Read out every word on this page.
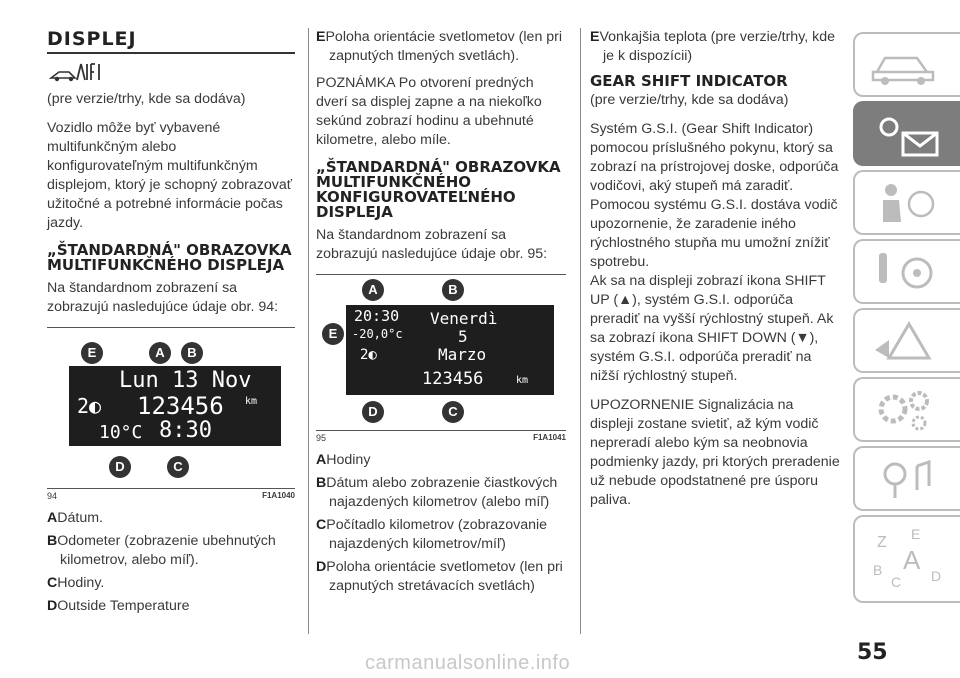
DISPLEJ

(pre verzie/trhy, kde sa dodáva)

Vozidlo môže byť vybavené multifunkčným alebo konfigurovateľným multifunkčným displejom, ktorý je schopný zobrazovať užitočné a potrebné informácie počas jazdy.

„ŠTANDARDNÁ" OBRAZOVKA MULTIFUNKČNÉHO DISPLEJA

Na štandardnom zobrazení sa zobrazujú nasledujúce údaje obr. 94:

Lun 13 Nov
2◐ 123456 km
10°C 8:30
E	A	B
D	C
94	F1A1040
ADátum.
BOdometer (zobrazenie ubehnutých kilometrov, alebo míľ).
CHodiny.
DOutside Temperature
EPoloha orientácie svetlometov (len pri zapnutých tlmených svetlách).

POZNÁMKA Po otvorení predných dverí sa displej zapne a na niekoľko sekúnd zobrazí hodinu a ubehnuté kilometre, alebo míle.

„ŠTANDARDNÁ" OBRAZOVKA MULTIFUNKČNÉHO KONFIGUROVATEĽNÉHO DISPLEJA

Na štandardnom zobrazení sa zobrazujú nasledujúce údaje obr. 95:

20:30
-20,0°c
2◐
Venerdì
5
Marzo
123456	km
A	B
E
D	C
95	F1A1041
AHodiny
BDátum alebo zobrazenie čiastkových najazdených kilometrov (alebo míľ)
CPočítadlo kilometrov (zobrazovanie najazdených kilometrov/míľ)
DPoloha orientácie svetlometov (len pri zapnutých stretávacích svetlách)
EVonkajšia teplota (pre verzie/trhy, kde je k dispozícii)
GEAR SHIFT INDICATOR

(pre verzie/trhy, kde sa dodáva)

Systém G.S.I. (Gear Shift Indicator) pomocou príslušného pokynu, ktorý sa zobrazí na prístrojovej doske, odporúča vodičovi, aký stupeň má zaradiť. Pomocou systému G.S.I. dostáva vodič upozornenie, že zaradenie iného rýchlostného stupňa mu umožní znížiť spotrebu.

Ak sa na displeji zobrazí ikona SHIFT UP (▲), systém G.S.I. odporúča preradiť na vyšší rýchlostný stupeň. Ak sa zobrazí ikona SHIFT DOWN (▼), systém G.S.I. odporúča preradiť na nižší rýchlostný stupeň.

UPOZORNENIE Signalizácia na displeji zostane svietiť, až kým vodič nepreradí alebo kým sa neobnovia podmienky jazdy, pri ktorých preradenie už nebude opodstatnené pre úsporu paliva.

Z E
B A
C D
55
carmanualsonline.info
